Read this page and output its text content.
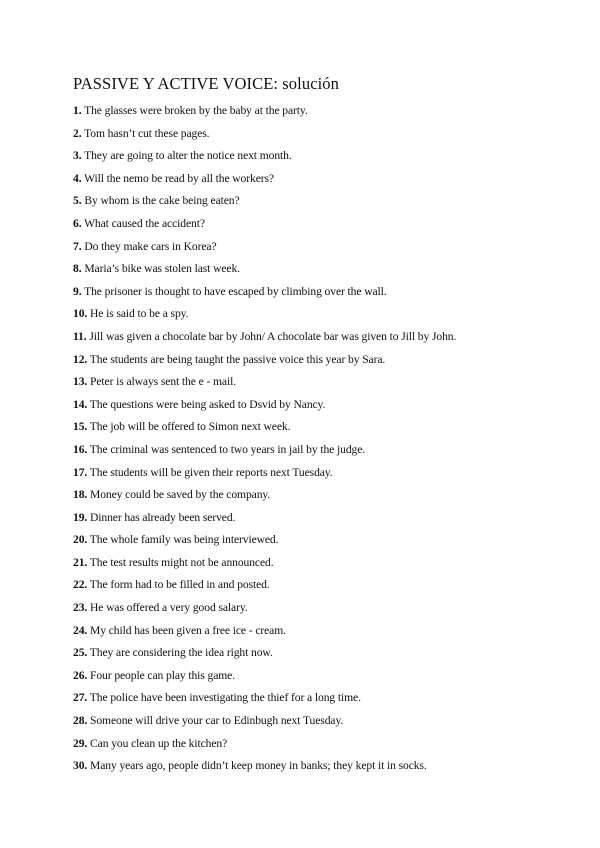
PASSIVE Y ACTIVE VOICE: solución
1. The glasses were broken by the baby at the party.
2. Tom hasn’t cut these pages.
3. They are going to alter the notice next month.
4. Will the nemo be read by all the workers?
5. By whom is the cake being eaten?
6. What caused the accident?
7. Do they make cars in Korea?
8. Maria’s bike was stolen last week.
9. The prisoner is thought to have escaped by climbing over the wall.
10. He is said to be a spy.
11. Jill was given a chocolate bar by John/ A chocolate bar was given to Jill by John.
12. The students are being taught the passive voice this year by Sara.
13. Peter is always sent the e - mail.
14. The questions were being asked to Dsvid by Nancy.
15. The job will be offered to Simon next week.
16. The criminal was sentenced to two years in jail by the judge.
17. The students will be given their reports next Tuesday.
18. Money could be saved by the company.
19. Dinner has already been served.
20. The whole family was being interviewed.
21. The test results might not be announced.
22. The form had to be filled in and posted.
23. He was offered a very good salary.
24. My child has been given a free ice - cream.
25. They are considering the idea right now.
26. Four people can play this game.
27. The police have been investigating the thief for a long time.
28. Someone will drive your car to Edinbugh next Tuesday.
29. Can you clean up the kitchen?
30. Many years ago, people didn’t keep money in banks; they kept it in socks.
